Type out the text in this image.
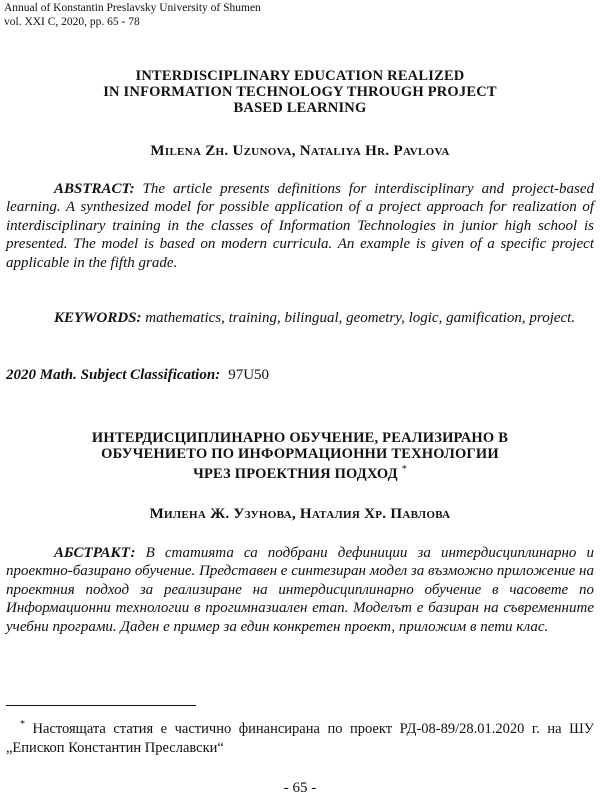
Annual of Konstantin Preslavsky University of Shumen
vol. XXI C, 2020, pp. 65 - 78
INTERDISCIPLINARY EDUCATION REALIZED
IN INFORMATION TECHNOLOGY THROUGH PROJECT
BASED LEARNING
Milena Zh. Uzunova, Nataliya Hr. Pavlova
ABSTRACT: The article presents definitions for interdisciplinary and project-based learning. A synthesized model for possible application of a project approach for realization of interdisciplinary training in the classes of Information Technologies in junior high school is presented. The model is based on modern curricula. An example is given of a specific project applicable in the fifth grade.
KEYWORDS: mathematics, training, bilingual, geometry, logic, gamification, project.
2020 Math. Subject Classification: 97U50
ИНТЕРДИСЦИПЛИНАРНО ОБУЧЕНИЕ, РЕАЛИЗИРАНО В
ОБУЧЕНИЕТО ПО ИНФОРМАЦИОННИ ТЕХНОЛОГИИ
ЧРЕЗ ПРОЕКТНИЯ ПОДХОД *
Милена Ж. Узунова, Наталия Хр. Павлова
АБСТРАКТ: В статията са подбрани дефиниции за интердисциплинарно и проектно-базирано обучение. Представен е синтезиран модел за възможно приложение на проектния подход за реализиране на интердисциплинарно обучение в часовете по Информационни технологии в прогимназиален етап. Моделът е базиран на съвременните учебни програми. Даден е пример за един конкретен проект, приложим в пети клас.
* Настоящата статия е частично финансирана по проект РД-08-89/28.01.2020 г. на ШУ „Епископ Константин Преславски“
- 65 -
